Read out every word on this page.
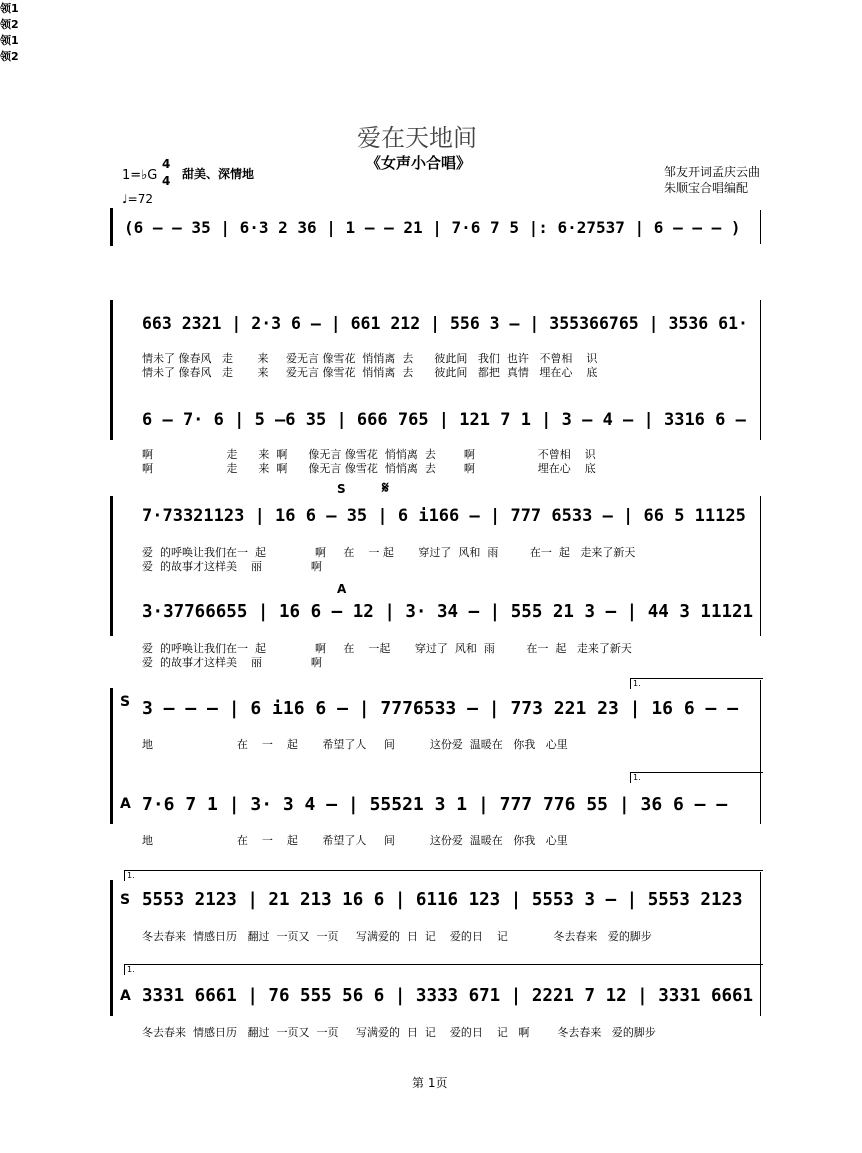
爱在天地间
《女声小合唱》
1=♭G
4
4 甜美、深情地
♩=72
邹友开词孟庆云曲
朱顺宝合唱编配
(6 — — 35 | 6·3 2 36 | 1 — — 21 | 7·6 7 5 |: 6·27537 | 6 — — — )
领1
663 2321 | 2·3 6 — | 661 212 | 556 3 — | 355366765 | 3536 61·
情未了 像春风   走       来     爱无言 像雪花  悄悄离  去      彼此间   我们  也许   不曾相    识
情未了 像春风   走       来     爱无言 像雪花  悄悄离  去      彼此间   都把  真情   埋在心    底
领2
6 — 7· 6 | 5 —6 35 | 666 765 | 121 7 1 | 3 — 4 — | 3316 6 —
啊                     走      来  啊      像无言 像雪花  悄悄离  去        啊                  不曾相    识
啊                     走      来  啊      像无言 像雪花  悄悄离  去        啊                  埋在心    底
领1
S 𝄋
7·73321123 | 16 6 — 35 | 6 i166 — | 777 6533 — | 66 5 11125
爱  的呼唤让我们在一  起              啊     在    一 起       穿过了  风和  雨         在一  起   走来了新天
爱  的故事才这样美    丽              啊
领2
A
3·37766655 | 16 6 — 12 | 3· 34 — | 555 21 3 — | 44 3 11121
爱  的呼唤让我们在一  起              啊     在    一起       穿过了  风和  雨         在一  起   走来了新天
爱  的故事才这样美    丽              啊
1.
1.
S 3 — — — | 6 i16 6 — | 7776533 — | 773 221 23 | 16 6 — —
地                        在    一    起       希望了人     间          这份爱  温暖在   你我   心里
A 7·6 7 1 | 3· 3 4 — | 55521 3 1 | 777 776 55 | 36 6 — —
地                        在    一    起       希望了人     间          这份爱  温暖在   你我   心里
1.
1.
S 5553 2123 | 21 213 16 6 | 6116 123 | 5553 3 — | 5553 2123
冬去春来  情感日历   翻过  一页又  一页     写满爱的  日  记    爱的日    记             冬去春来   爱的脚步
A 3331 6661 | 76 555 56 6 | 3333 671 | 2221 7 12 | 3331 6661
冬去春来  情感日历   翻过  一页又  一页     写满爱的  日  记    爱的日    记   啊        冬去春来   爱的脚步
第 1页
